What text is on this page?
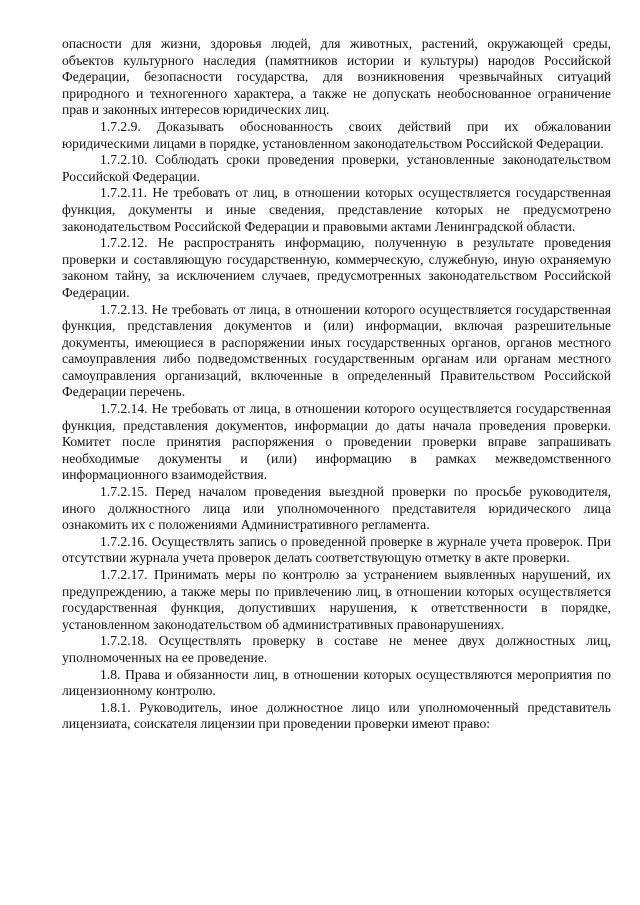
опасности для жизни, здоровья людей, для животных, растений, окружающей среды, объектов культурного наследия (памятников истории и культуры) народов Российской Федерации, безопасности государства, для возникновения чрезвычайных ситуаций природного и техногенного характера, а также не допускать необоснованное ограничение прав и законных интересов юридических лиц.

1.7.2.9. Доказывать обоснованность своих действий при их обжаловании юридическими лицами в порядке, установленном законодательством Российской Федерации.

1.7.2.10. Соблюдать сроки проведения проверки, установленные законодательством Российской Федерации.

1.7.2.11. Не требовать от лиц, в отношении которых осуществляется государственная функция, документы и иные сведения, представление которых не предусмотрено законодательством Российской Федерации и правовыми актами Ленинградской области.

1.7.2.12. Не распространять информацию, полученную в результате проведения проверки и составляющую государственную, коммерческую, служебную, иную охраняемую законом тайну, за исключением случаев, предусмотренных законодательством Российской Федерации.

1.7.2.13. Не требовать от лица, в отношении которого осуществляется государственная функция, представления документов и (или) информации, включая разрешительные документы, имеющиеся в распоряжении иных государственных органов, органов местного самоуправления либо подведомственных государственным органам или органам местного самоуправления организаций, включенные в определенный Правительством Российской Федерации перечень.

1.7.2.14. Не требовать от лица, в отношении которого осуществляется государственная функция, представления документов, информации до даты начала проведения проверки. Комитет после принятия распоряжения о проведении проверки вправе запрашивать необходимые документы и (или) информацию в рамках межведомственного информационного взаимодействия.

1.7.2.15. Перед началом проведения выездной проверки по просьбе руководителя, иного должностного лица или уполномоченного представителя юридического лица ознакомить их с положениями Административного регламента.

1.7.2.16. Осуществлять запись о проведенной проверке в журнале учета проверок. При отсутствии журнала учета проверок делать соответствующую отметку в акте проверки.

1.7.2.17. Принимать меры по контролю за устранением выявленных нарушений, их предупреждению, а также меры по привлечению лиц, в отношении которых осуществляется государственная функция, допустивших нарушения, к ответственности в порядке, установленном законодательством об административных правонарушениях.

1.7.2.18. Осуществлять проверку в составе не менее двух должностных лиц, уполномоченных на ее проведение.

1.8. Права и обязанности лиц, в отношении которых осуществляются мероприятия по лицензионному контролю.

1.8.1. Руководитель, иное должностное лицо или уполномоченный представитель лицензиата, соискателя лицензии при проведении проверки имеют право:
